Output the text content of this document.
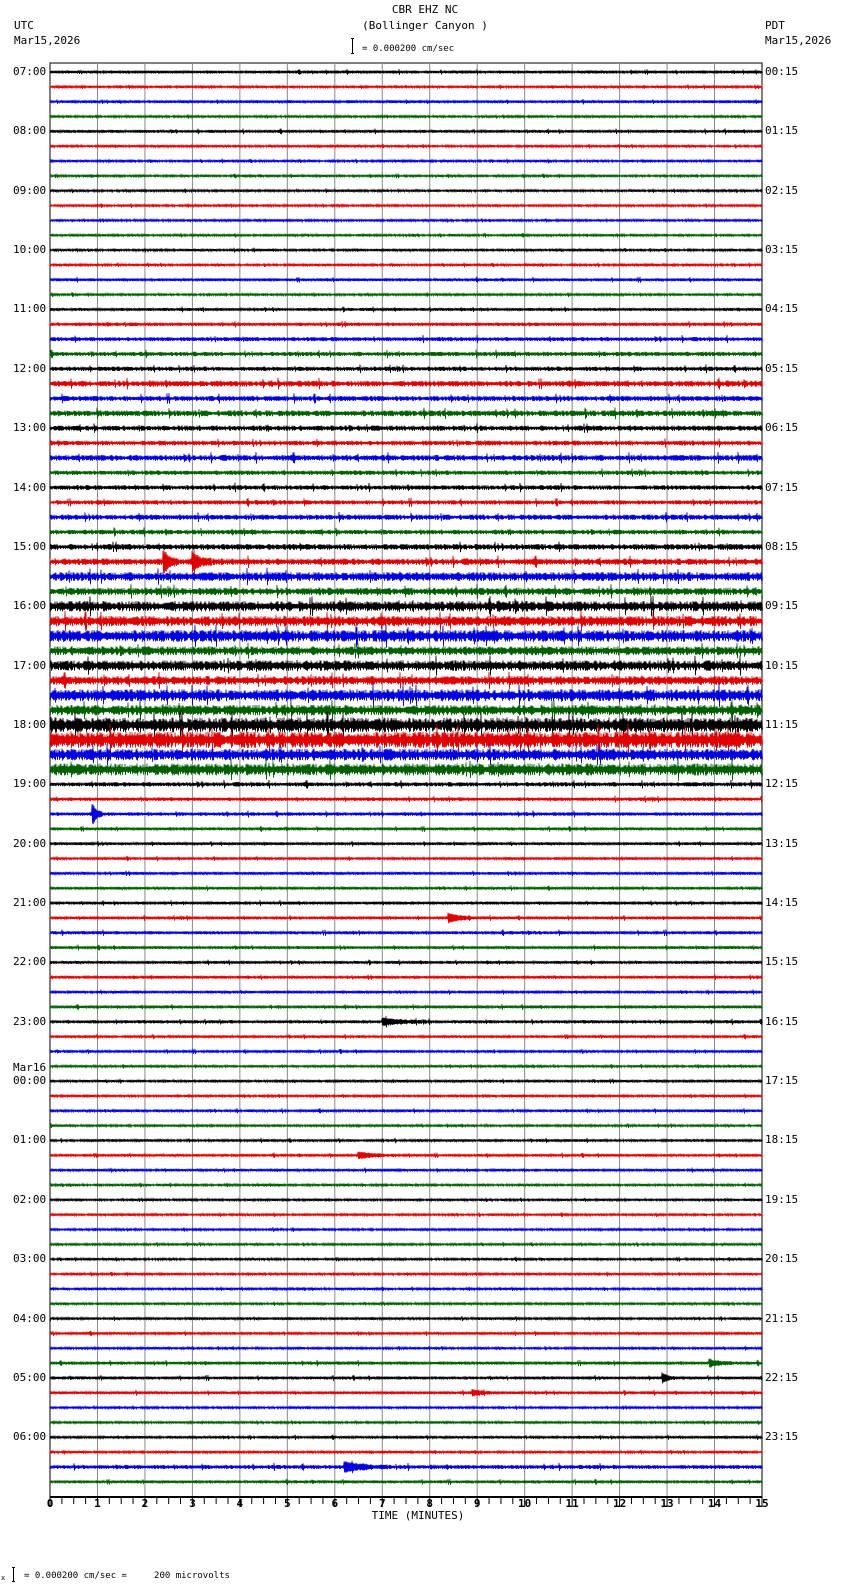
CBR EHZ NC
(Bollinger Canyon )
UTC
Mar15,2026
PDT
Mar15,2026
= 0.000200 cm/sec
0	1	2	3	4	5	6	7	8	9	10	11	12	13	14	15
07:00
08:00
09:00
10:00
11:00
12:00
13:00
14:00
15:00
16:00
17:00
18:00
19:00
20:00
21:00
22:00
23:00
00:00
Mar16
01:00
02:00
03:00
04:00
05:00
06:00
00:15
01:15
02:15
03:15
04:15
05:15
06:15
07:15
08:15
09:15
10:15
11:15
12:15
13:15
14:15
15:15
16:15
17:15
18:15
19:15
20:15
21:15
22:15
23:15
TIME (MINUTES)
x = 0.000200 cm/sec =     200 microvolts
